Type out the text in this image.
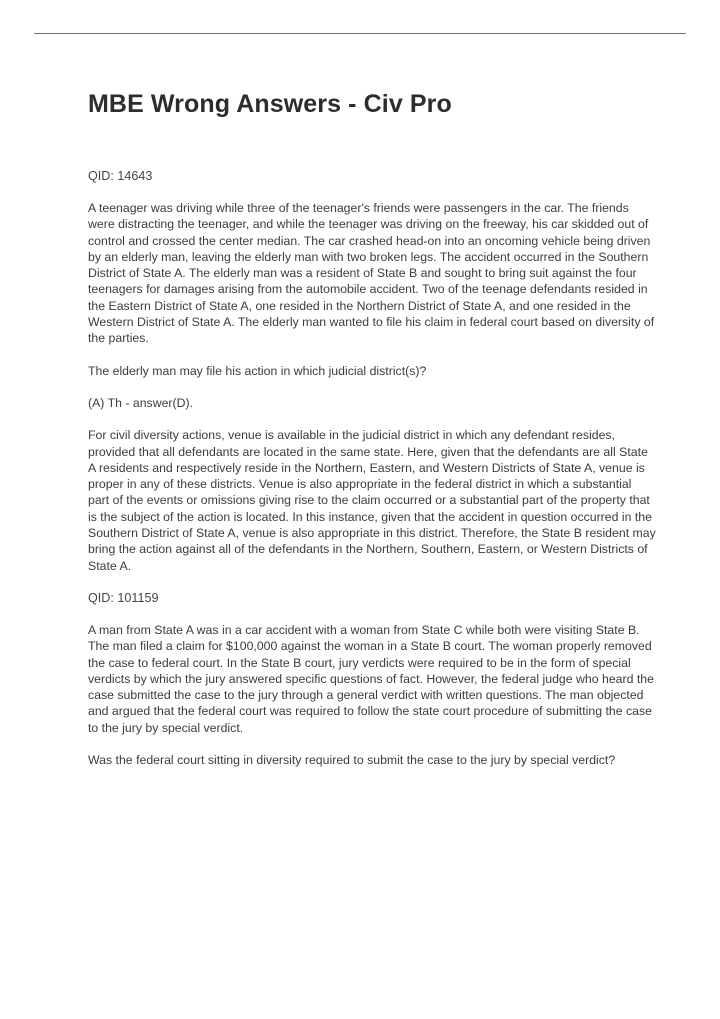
MBE Wrong Answers - Civ Pro

QID: 14643

A teenager was driving while three of the teenager's friends were passengers in the car. The friends were distracting the teenager, and while the teenager was driving on the freeway, his car skidded out of control and crossed the center median. The car crashed head-on into an oncoming vehicle being driven by an elderly man, leaving the elderly man with two broken legs. The accident occurred in the Southern District of State A. The elderly man was a resident of State B and sought to bring suit against the four teenagers for damages arising from the automobile accident. Two of the teenage defendants resided in the Eastern District of State A, one resided in the Northern District of State A, and one resided in the Western District of State A. The elderly man wanted to file his claim in federal court based on diversity of the parties.

The elderly man may file his action in which judicial district(s)?

(A) Th - answer(D).

For civil diversity actions, venue is available in the judicial district in which any defendant resides, provided that all defendants are located in the same state. Here, given that the defendants are all State A residents and respectively reside in the Northern, Eastern, and Western Districts of State A, venue is proper in any of these districts. Venue is also appropriate in the federal district in which a substantial part of the events or omissions giving rise to the claim occurred or a substantial part of the property that is the subject of the action is located. In this instance, given that the accident in question occurred in the Southern District of State A, venue is also appropriate in this district. Therefore, the State B resident may bring the action against all of the defendants in the Northern, Southern, Eastern, or Western Districts of State A.

QID: 101159

A man from State A was in a car accident with a woman from State C while both were visiting State B. The man filed a claim for $100,000 against the woman in a State B court. The woman properly removed the case to federal court. In the State B court, jury verdicts were required to be in the form of special verdicts by which the jury answered specific questions of fact. However, the federal judge who heard the case submitted the case to the jury through a general verdict with written questions. The man objected and argued that the federal court was required to follow the state court procedure of submitting the case to the jury by special verdict.

Was the federal court sitting in diversity required to submit the case to the jury by special verdict?
